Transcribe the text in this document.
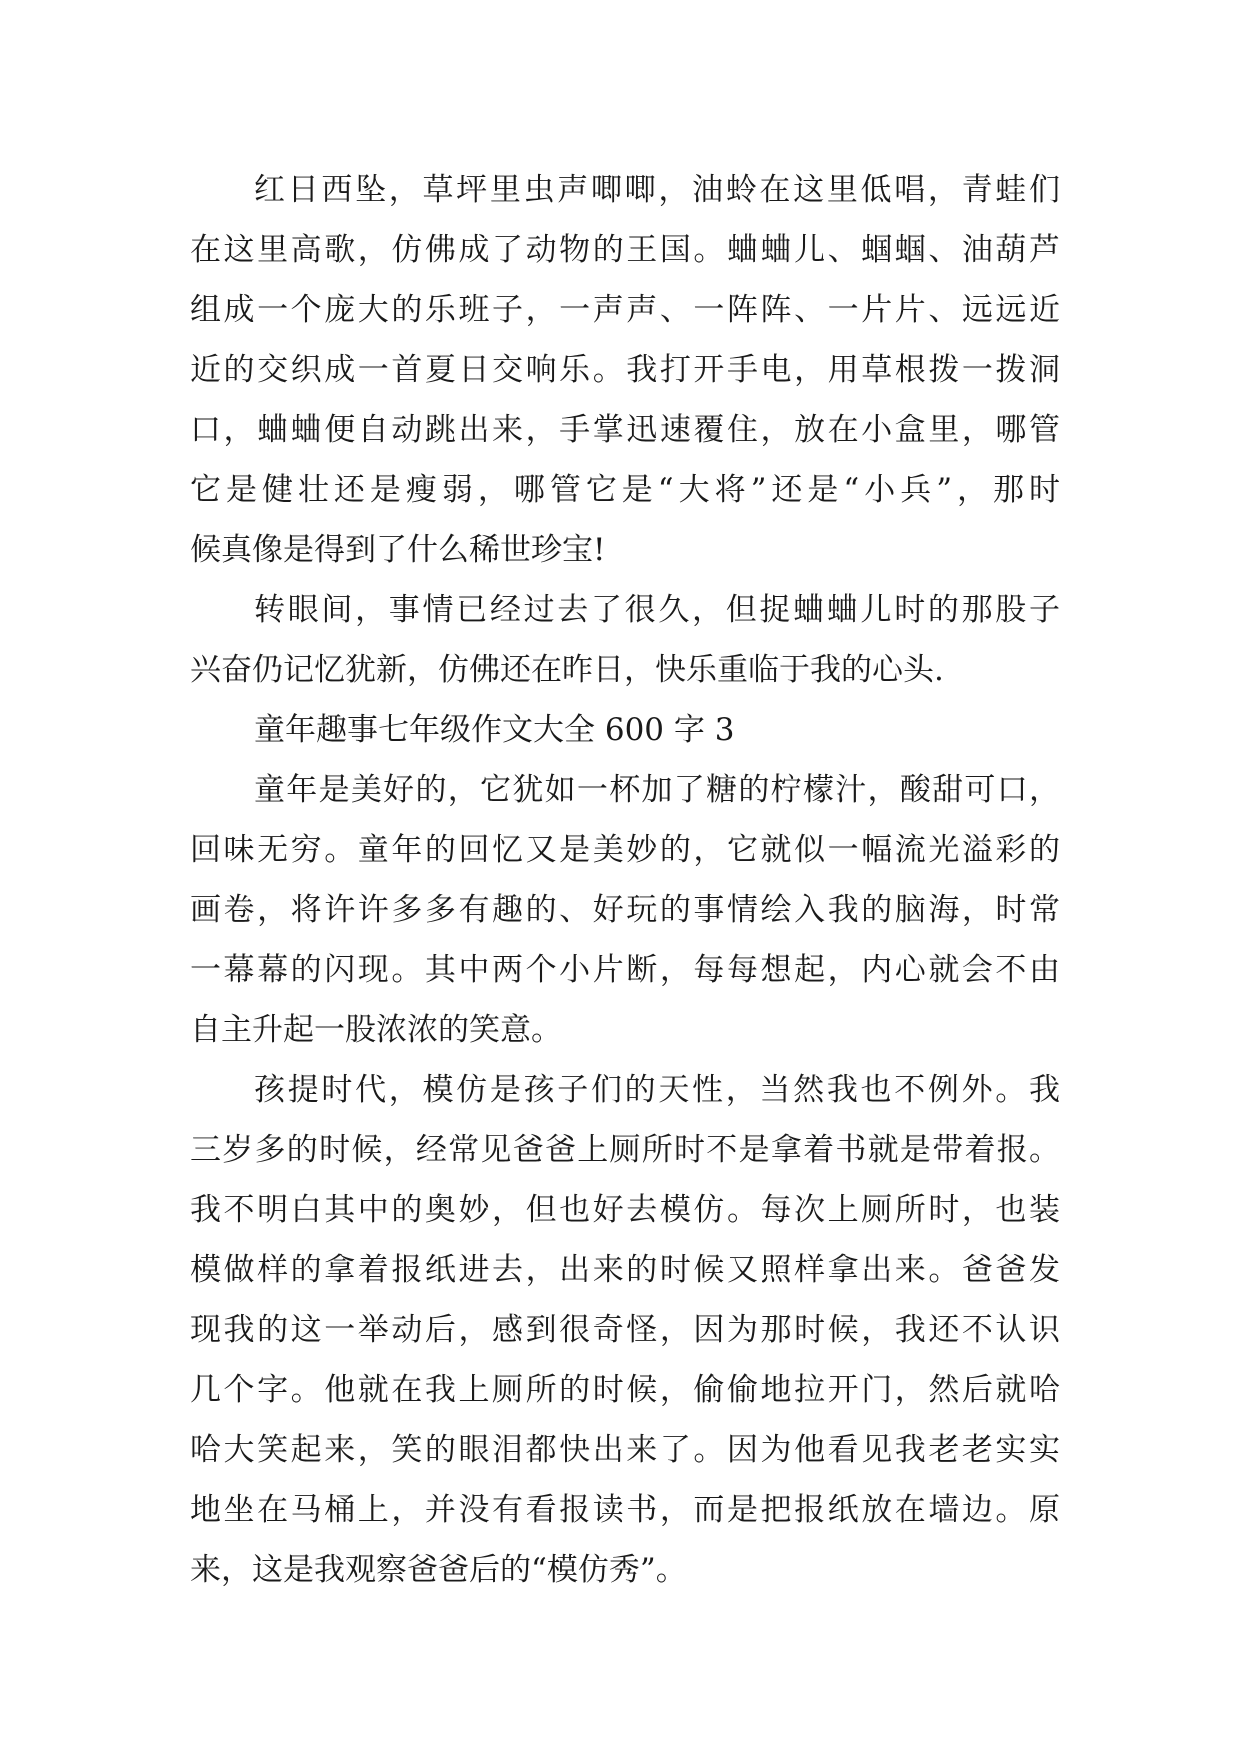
红日西坠，草坪里虫声唧唧，油蛉在这里低唱，青蛙们
在这里高歌，仿佛成了动物的王国。蛐蛐儿、蝈蝈、油葫芦
组成一个庞大的乐班子，一声声、一阵阵、一片片、远远近
近的交织成一首夏日交响乐。我打开手电，用草根拨一拨洞
口，蛐蛐便自动跳出来，手掌迅速覆住，放在小盒里，哪管
它是健壮还是瘦弱，哪管它是“大将”还是“小兵”，那时
候真像是得到了什么稀世珍宝!
转眼间，事情已经过去了很久，但捉蛐蛐儿时的那股子
兴奋仍记忆犹新，仿佛还在昨日，快乐重临于我的心头.
童年趣事七年级作文大全 600 字 3
童年是美好的，它犹如一杯加了糖的柠檬汁，酸甜可口，
回味无穷。童年的回忆又是美妙的，它就似一幅流光溢彩的
画卷，将许许多多有趣的、好玩的事情绘入我的脑海，时常
一幕幕的闪现。其中两个小片断，每每想起，内心就会不由
自主升起一股浓浓的笑意。
孩提时代，模仿是孩子们的天性，当然我也不例外。我
三岁多的时候，经常见爸爸上厕所时不是拿着书就是带着报。
我不明白其中的奥妙，但也好去模仿。每次上厕所时，也装
模做样的拿着报纸进去，出来的时候又照样拿出来。爸爸发
现我的这一举动后，感到很奇怪，因为那时候，我还不认识
几个字。他就在我上厕所的时候，偷偷地拉开门，然后就哈
哈大笑起来，笑的眼泪都快出来了。因为他看见我老老实实
地坐在马桶上，并没有看报读书，而是把报纸放在墙边。原
来，这是我观察爸爸后的“模仿秀”。
